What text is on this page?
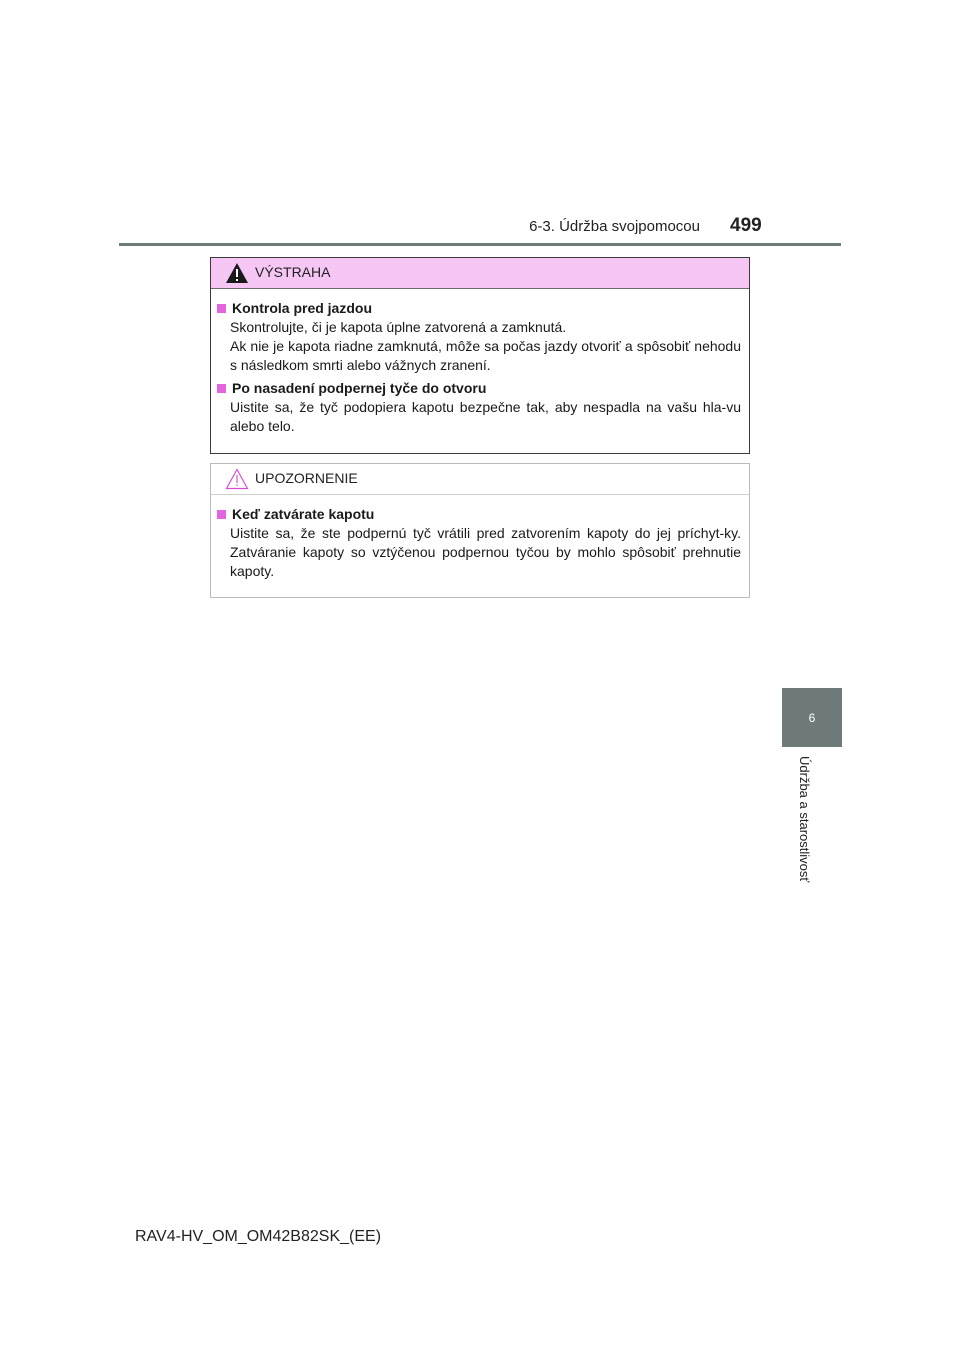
6-3. Údržba svojpomocou 499
6
Údržba a starostlivosť
VÝSTRAHA
Kontrola pred jazdou
Skontrolujte, či je kapota úplne zatvorená a zamknutá.
Ak nie je kapota riadne zamknutá, môže sa počas jazdy otvoriť a spôsobiť nehodu s následkom smrti alebo vážnych zranení.
Po nasadení podpernej tyče do otvoru
Uistite sa, že tyč podopiera kapotu bezpečne tak, aby nespadla na vašu hla-vu alebo telo.
UPOZORNENIE
Keď zatvárate kapotu
Uistite sa, že ste podpernú tyč vrátili pred zatvorením kapoty do jej príchyt-ky. Zatváranie kapoty so vztýčenou podpernou tyčou by mohlo spôsobiť prehnutie kapoty.
RAV4-HV_OM_OM42B82SK_(EE)
